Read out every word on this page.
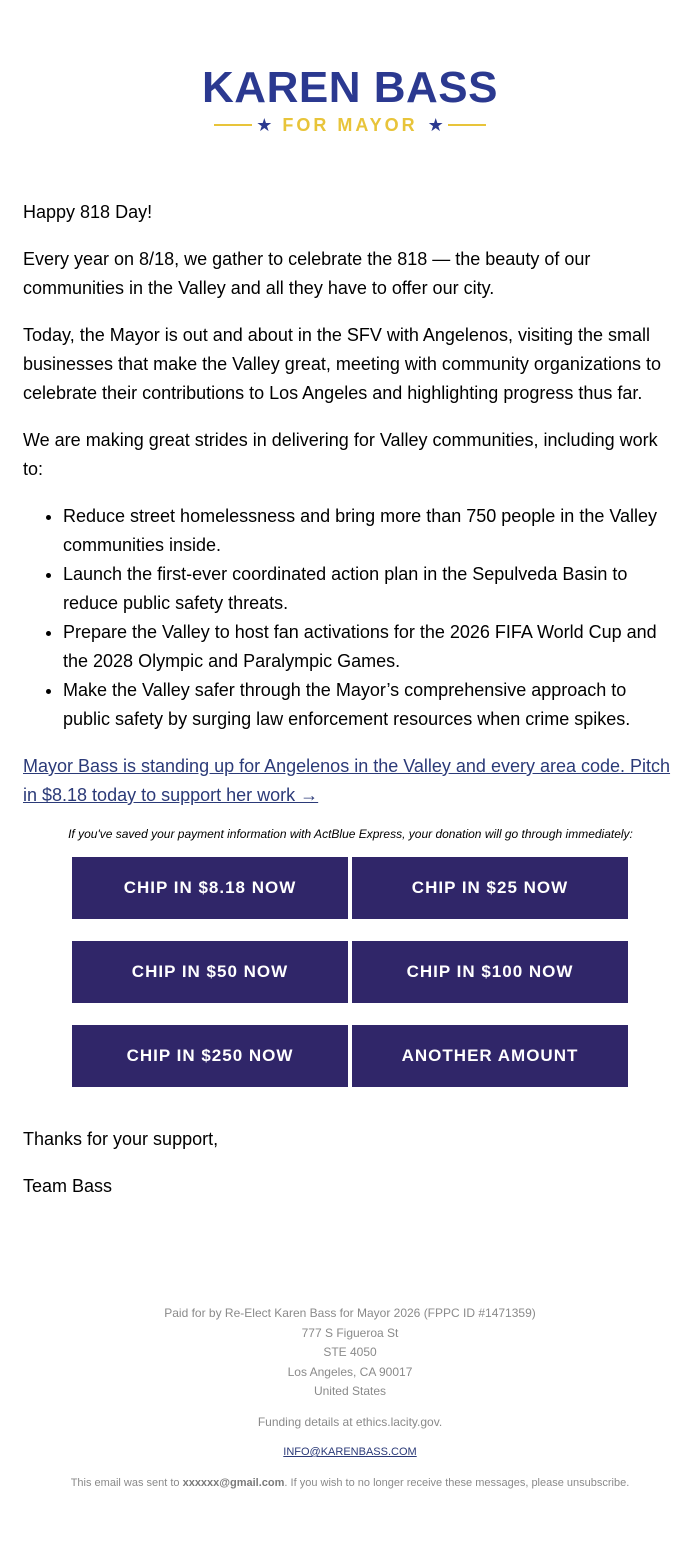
KAREN BASS
★ FOR MAYOR ★

Happy 818 Day!

Every year on 8/18, we gather to celebrate the 818 — the beauty of our communities in the Valley and all they have to offer our city.

Today, the Mayor is out and about in the SFV with Angelenos, visiting the small businesses that make the Valley great, meeting with community organizations to celebrate their contributions to Los Angeles and highlighting progress thus far.

We are making great strides in delivering for Valley communities, including work to:

• Reduce street homelessness and bring more than 750 people in the Valley communities inside.
• Launch the first-ever coordinated action plan in the Sepulveda Basin to reduce public safety threats.
• Prepare the Valley to host fan activations for the 2026 FIFA World Cup and the 2028 Olympic and Paralympic Games.
• Make the Valley safer through the Mayor’s comprehensive approach to public safety by surging law enforcement resources when crime spikes.
Mayor Bass is standing up for Angelenos in the Valley and every area code. Pitch in $8.18 today to support her work →

If you've saved your payment information with ActBlue Express, your donation will go through immediately:

CHIP IN $8.18 NOW	CHIP IN $25 NOW
CHIP IN $50 NOW	CHIP IN $100 NOW
CHIP IN $250 NOW	ANOTHER AMOUNT

Thanks for your support,

Team Bass

Paid for by Re-Elect Karen Bass for Mayor 2026 (FPPC ID #1471359)
777 S Figueroa St
STE 4050
Los Angeles, CA 90017
United States
Funding details at ethics.lacity.gov.
INFO@KARENBASS.COM
This email was sent to xxxxxx@gmail.com. If you wish to no longer receive these messages, please unsubscribe.
